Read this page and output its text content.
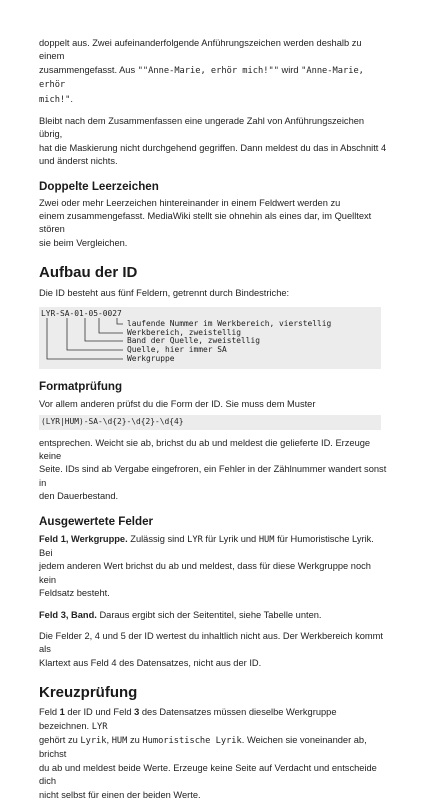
doppelt aus. Zwei aufeinanderfolgende Anführungszeichen werden deshalb zu einem
zusammengefasst. Aus ""Anne-Marie, erhör mich!"" wird "Anne-Marie, erhör
mich!".

Bleibt nach dem Zusammenfassen eine ungerade Zahl von Anführungszeichen übrig,
hat die Maskierung nicht durchgehend gegriffen. Dann meldest du das in Abschnitt 4
und änderst nichts.

Doppelte Leerzeichen

Zwei oder mehr Leerzeichen hintereinander in einem Feldwert werden zu
einem zusammengefasst. MediaWiki stellt sie ohnehin als eines dar, im Quelltext stören
sie beim Vergleichen.

Aufbau der ID

Die ID besteht aus fünf Feldern, getrennt durch Bindestriche:

LYR-SA-01-05-0027
laufende Nummer im Werkbereich, vierstellig
Werkbereich, zweistellig
Band der Quelle, zweistellig
Quelle, hier immer SA
Werkgruppe
Formatprüfung

Vor allem anderen prüfst du die Form der ID. Sie muss dem Muster

(LYR|HUM)-SA-\d{2}-\d{2}-\d{4}

entsprechen. Weicht sie ab, brichst du ab und meldest die gelieferte ID. Erzeuge keine
Seite. IDs sind ab Vergabe eingefroren, ein Fehler in der Zählnummer wandert sonst in
den Dauerbestand.

Ausgewertete Felder

Feld 1, Werkgruppe. Zulässig sind LYR für Lyrik und HUM für Humoristische Lyrik. Bei
jedem anderen Wert brichst du ab und meldest, dass für diese Werkgruppe noch kein
Feldsatz besteht.

Feld 3, Band. Daraus ergibt sich der Seitentitel, siehe Tabelle unten.

Die Felder 2, 4 und 5 der ID wertest du inhaltlich nicht aus. Der Werkbereich kommt als
Klartext aus Feld 4 des Datensatzes, nicht aus der ID.

Kreuzprüfung

Feld 1 der ID und Feld 3 des Datensatzes müssen dieselbe Werkgruppe bezeichnen. LYR
gehört zu Lyrik, HUM zu Humoristische Lyrik. Weichen sie voneinander ab, brichst
du ab und meldest beide Werte. Erzeuge keine Seite auf Verdacht und entscheide dich
nicht selbst für einen der beiden Werte.
